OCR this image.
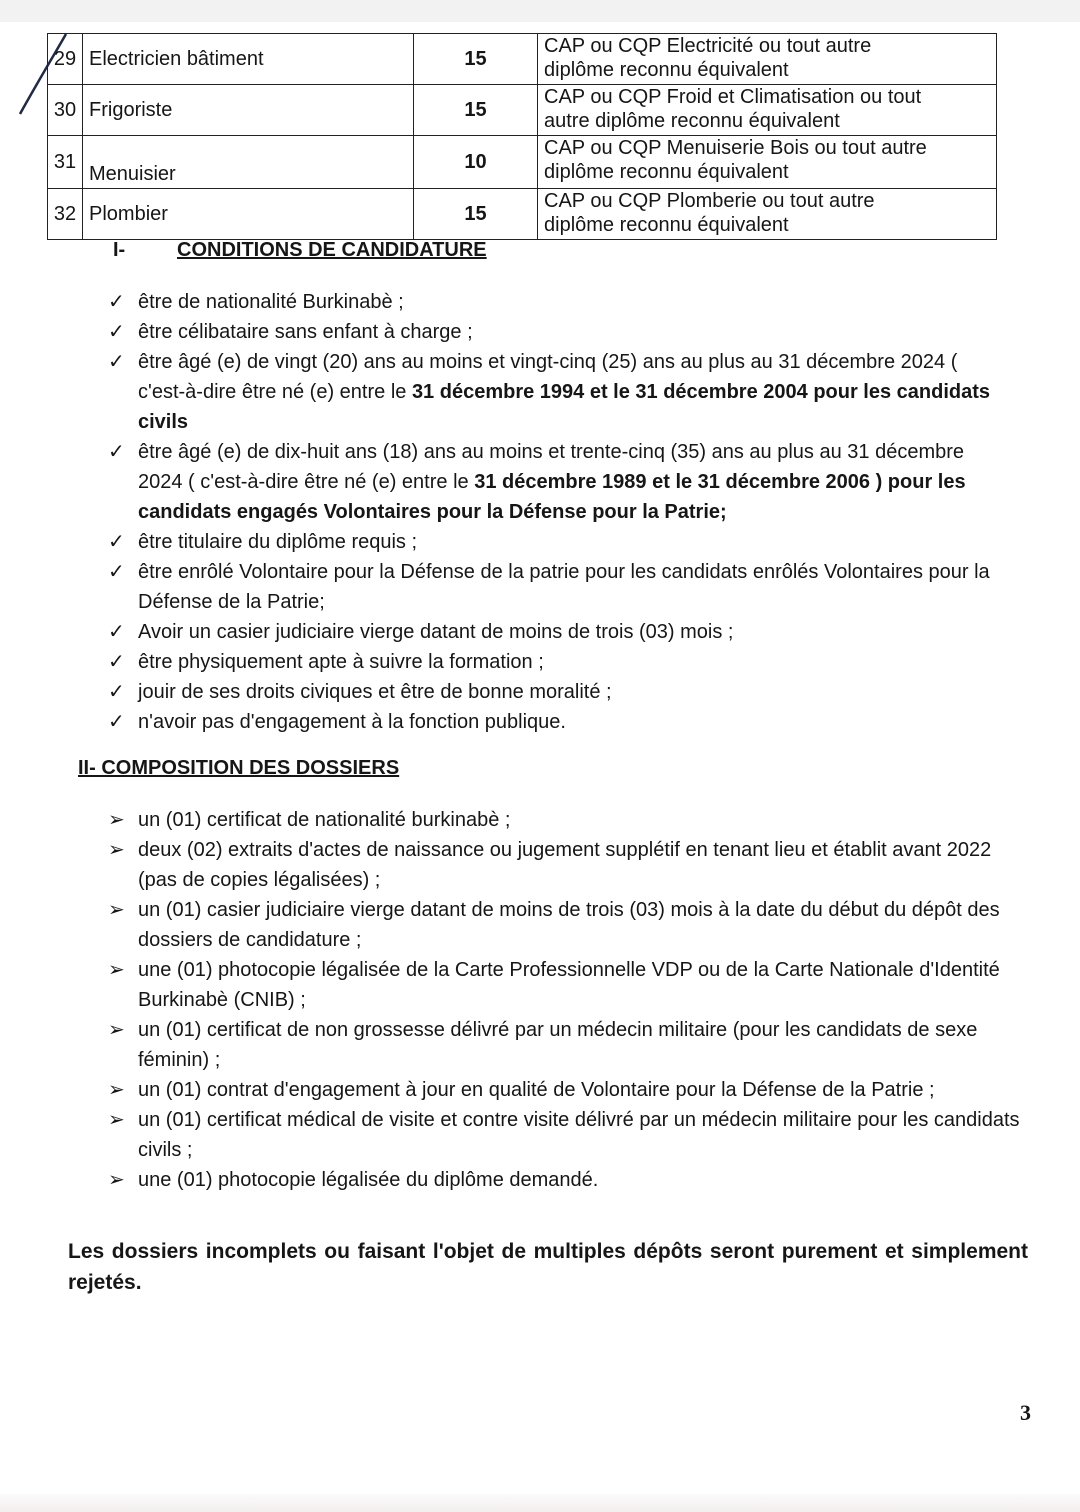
29	Electricien bâtiment	15	CAP ou CQP Electricité ou tout autre
diplôme reconnu équivalent

30	Frigoriste	15	CAP ou CQP Froid et Climatisation ou tout
autre diplôme reconnu équivalent

31	Menuisier	10	CAP ou CQP Menuiserie Bois ou tout autre
diplôme reconnu équivalent

32	Plombier	15	CAP ou CQP Plomberie ou tout autre
diplôme reconnu équivalent
I-	CONDITIONS DE CANDIDATURE
✓ être de nationalité Burkinabè ;
✓ être célibataire sans enfant à charge ;
✓ être âgé (e) de vingt (20) ans au moins et vingt-cinq (25) ans au plus au 31 décembre 2024 ( c'est-à-dire être né (e) entre le 31 décembre 1994 et le 31 décembre 2004 pour les candidats civils
✓ être âgé (e) de dix-huit ans (18) ans au moins et trente-cinq (35) ans au plus au 31 décembre 2024 ( c'est-à-dire être né (e) entre le 31 décembre 1989 et le 31 décembre 2006 ) pour les candidats engagés Volontaires pour la Défense pour la Patrie;
✓ être titulaire du diplôme requis ;
✓ être enrôlé Volontaire pour la Défense de la patrie pour les candidats enrôlés Volontaires pour la Défense de la Patrie;
✓ Avoir un casier judiciaire vierge datant de moins de trois (03) mois ;
✓ être physiquement apte à suivre la formation ;
✓ jouir de ses droits civiques et être de bonne moralité ;
✓ n'avoir pas d'engagement à la fonction publique.
II- COMPOSITION DES DOSSIERS
➢ un (01) certificat de nationalité burkinabè ;
➢ deux (02) extraits d'actes de naissance ou jugement supplétif en tenant lieu et établit avant 2022 (pas de copies légalisées) ;
➢ un (01) casier judiciaire vierge datant de moins de trois (03) mois à la date du début du dépôt des dossiers de candidature ;
➢ une (01) photocopie légalisée de la Carte Professionnelle VDP ou de la Carte Nationale d'Identité Burkinabè (CNIB) ;
➢ un (01) certificat de non grossesse délivré par un médecin militaire (pour les candidats de sexe féminin) ;
➢ un (01) contrat d'engagement à jour en qualité de Volontaire pour la Défense de la Patrie ;
➢ un (01) certificat médical de visite et contre visite délivré par un médecin militaire pour les candidats civils ;
➢ une (01) photocopie légalisée du diplôme demandé.
Les dossiers incomplets ou faisant l'objet de multiples dépôts seront purement et simplement rejetés.
3
